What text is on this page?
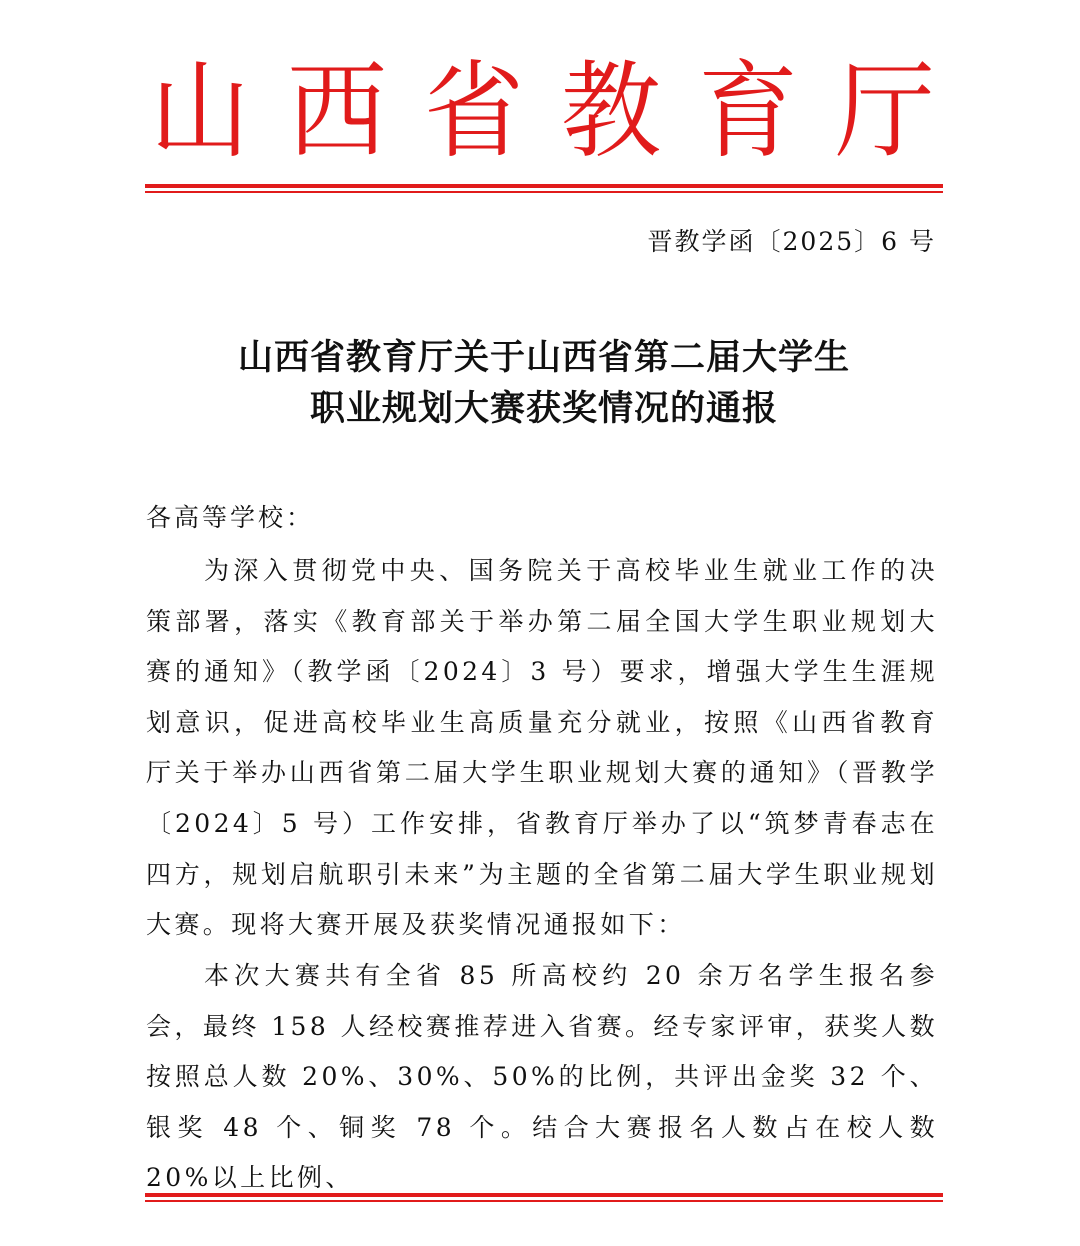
山 西 省 教 育 厅
晋教学函〔2025〕6 号
山西省教育厅关于山西省第二届大学生
职业规划大赛获奖情况的通报
各高等学校：
为深入贯彻党中央、国务院关于高校毕业生就业工作的决策部署，落实《教育部关于举办第二届全国大学生职业规划大赛的通知》（教学函〔2024〕3 号）要求，增强大学生生涯规划意识，促进高校毕业生高质量充分就业，按照《山西省教育厅关于举办山西省第二届大学生职业规划大赛的通知》（晋教学〔2024〕5 号）工作安排，省教育厅举办了以“筑梦青春志在四方，规划启航职引未来”为主题的全省第二届大学生职业规划大赛。现将大赛开展及获奖情况通报如下：
本次大赛共有全省 85 所高校约 20 余万名学生报名参会，最终 158 人经校赛推荐进入省赛。经专家评审，获奖人数按照总人数 20%、30%、50%的比例，共评出金奖 32 个、银奖 48 个、铜奖 78 个。结合大赛报名人数占在校人数 20%以上比例、
